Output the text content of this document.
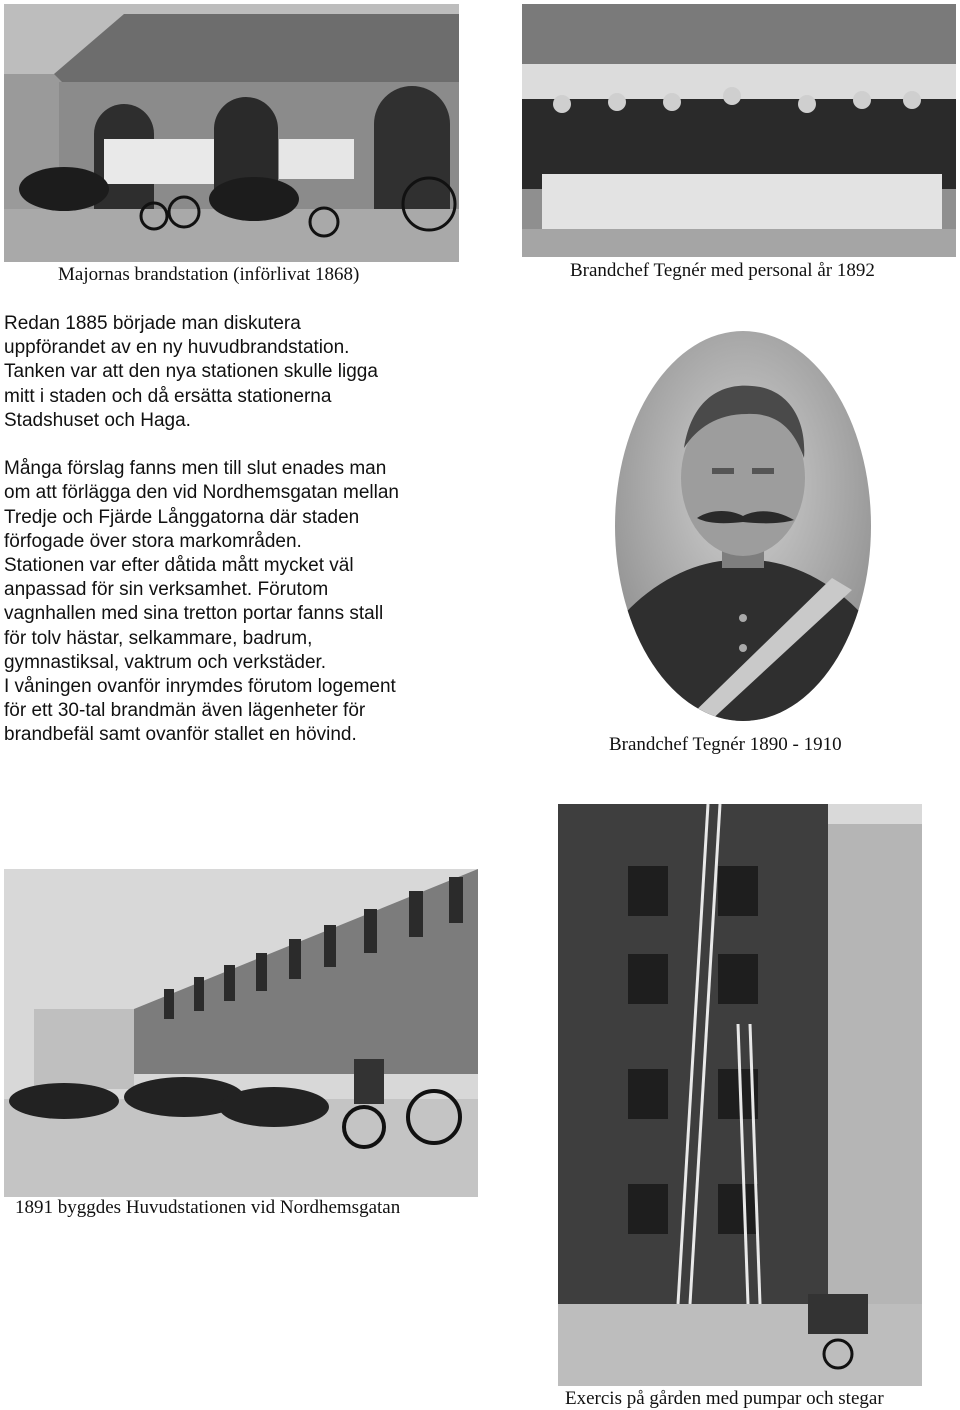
Majornas brandstation (införlivat 1868)	Brandchef Tegnér med personal år 1892

Redan 1885 började man diskutera
uppförandet av en ny huvudbrandstation.
Tanken var att den nya stationen skulle ligga
mitt i staden och då ersätta stationerna
Stadshuset och Haga.

Många förslag fanns men till slut enades man
om att förlägga den vid Nordhemsgatan mellan
Tredje och Fjärde Långgatorna där staden
förfogade över stora markområden.
Stationen var efter dåtida mått mycket väl
anpassad för sin verksamhet. Förutom
vagnhallen med sina tretton portar fanns stall
för tolv hästar, selkammare, badrum,
gymnastiksal, vaktrum och verkstäder.
I våningen ovanför inrymdes förutom logement
för ett 30-tal brandmän även lägenheter för
brandbefäl samt ovanför stallet en hövind.	Brandchef Tegnér 1890 - 1910
1891 byggdes Huvudstationen vid Nordhemsgatan
Exercis på gården med pumpar och stegar
